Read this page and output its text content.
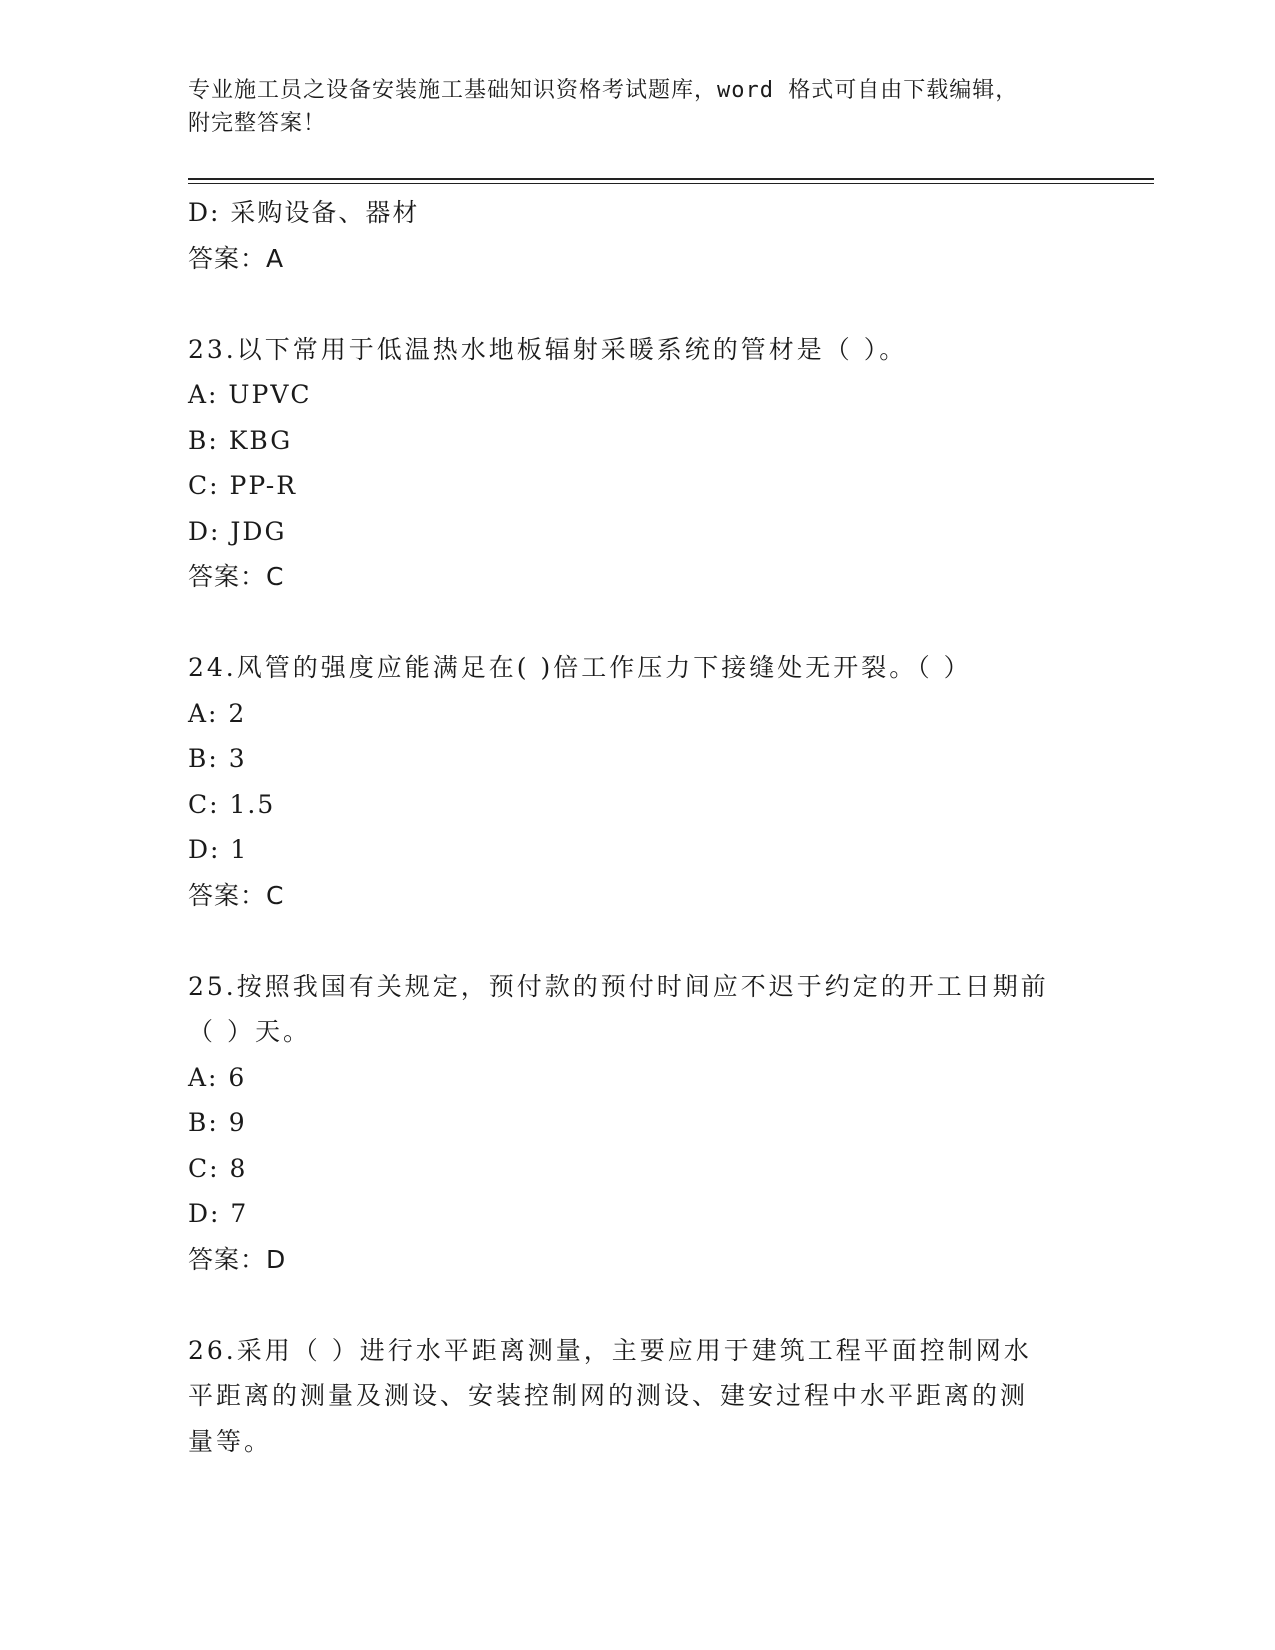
专业施工员之设备安装施工基础知识资格考试题库，word 格式可自由下载编辑，
附完整答案！
D: 采购设备、器材
答案：A
23.以下常用于低温热水地板辐射采暖系统的管材是（ ）。
A: UPVC
B: KBG
C: PP-R
D: JDG
答案：C
24.风管的强度应能满足在( )倍工作压力下接缝处无开裂。（ ）
A: 2
B: 3
C: 1.5
D: 1
答案：C
25.按照我国有关规定，预付款的预付时间应不迟于约定的开工日期前
（ ）天。
A: 6
B: 9
C: 8
D: 7
答案：D
26.采用（ ）进行水平距离测量，主要应用于建筑工程平面控制网水
平距离的测量及测设、安装控制网的测设、建安过程中水平距离的测
量等。
